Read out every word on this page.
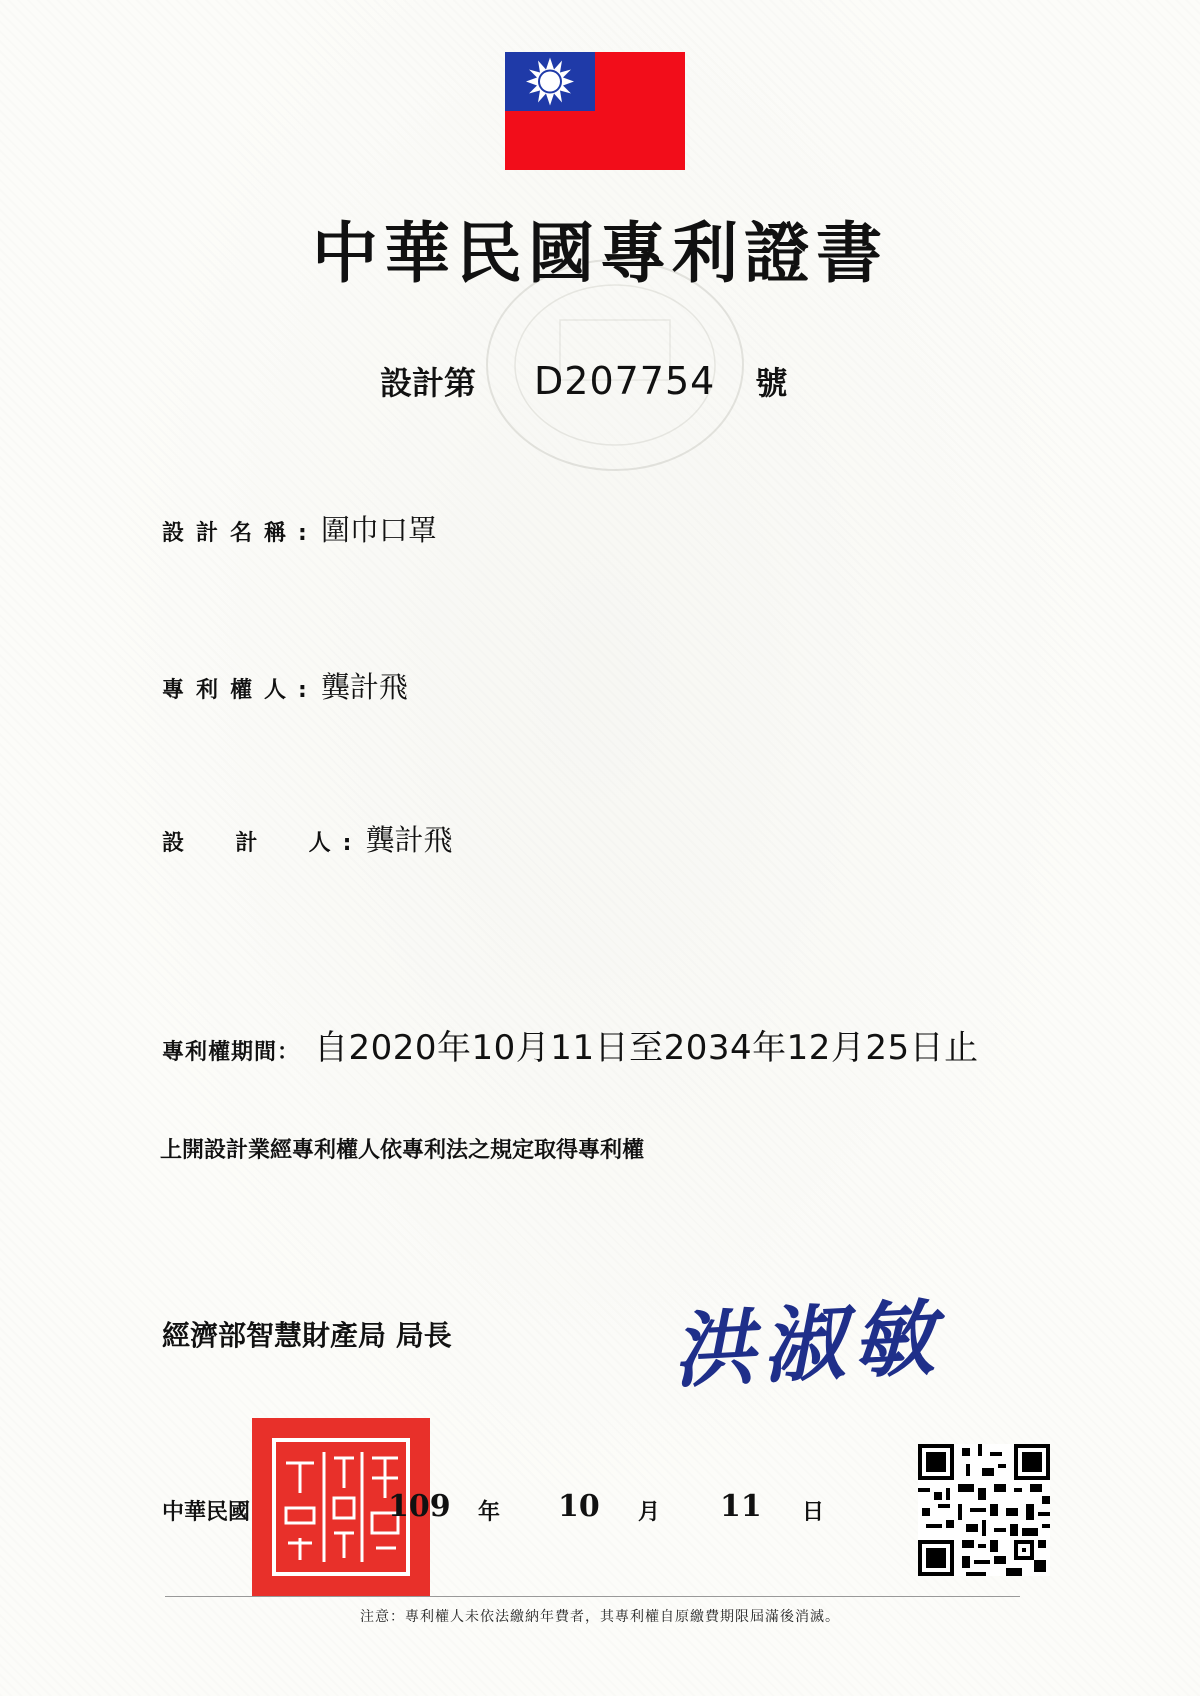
中華民國專利證書
設計第 D207754 號
設計名稱: 圍巾口罩
專利權人: 龔計飛
設  計  人: 龔計飛
專利權期間： 自2020年10月11日至2034年12月25日止
上開設計業經專利權人依專利法之規定取得專利權
經濟部智慧財產局 局長	洪淑敏
中華民國	109 年 10 月 11 日
注意：專利權人未依法繳納年費者，其專利權自原繳費期限屆滿後消滅。
